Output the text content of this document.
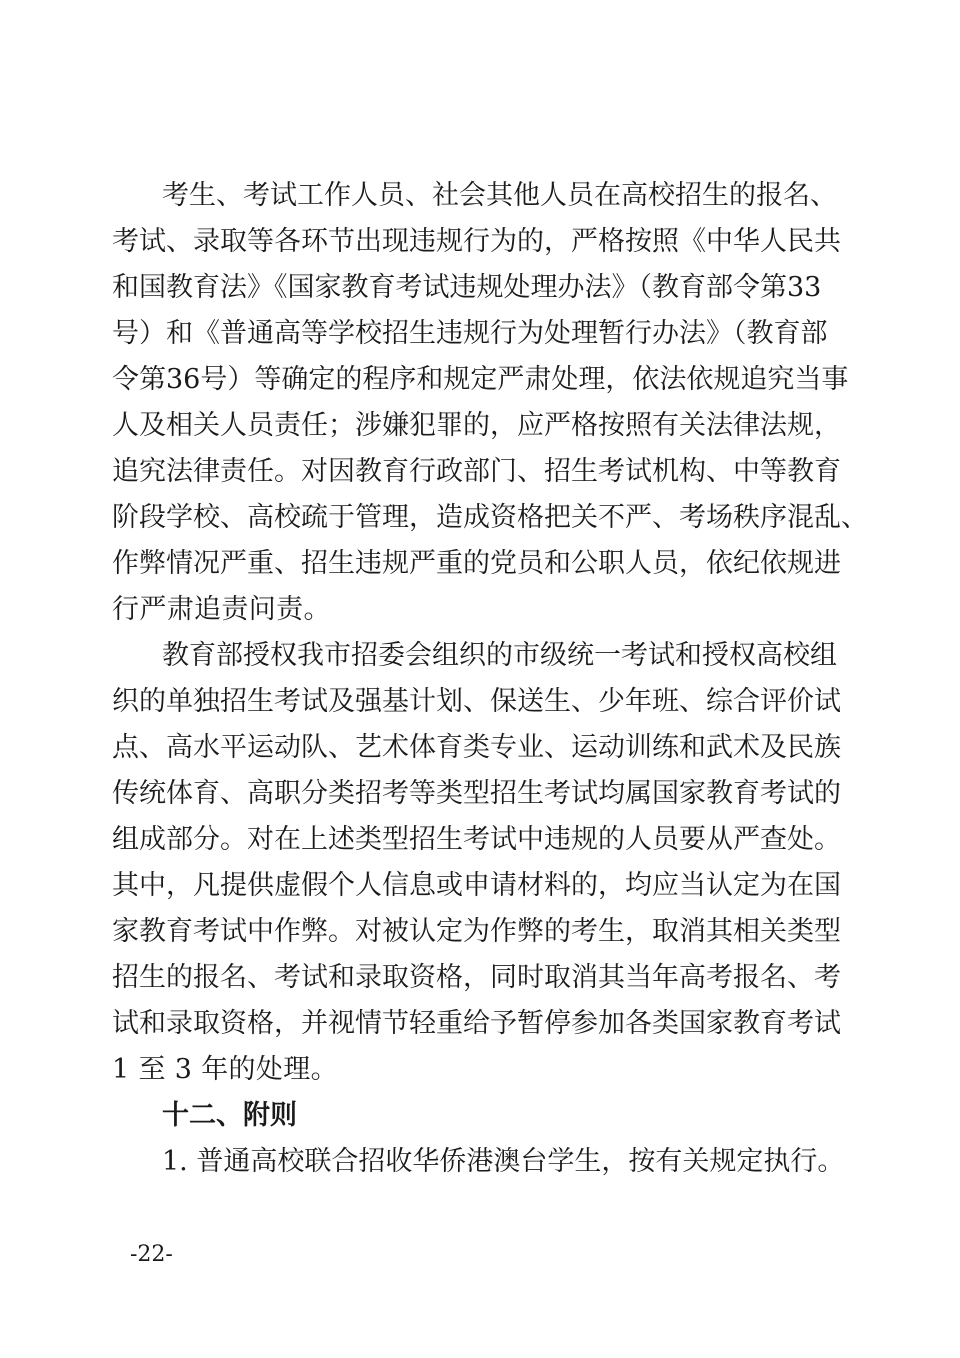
考生、考试工作人员、社会其他人员在高校招生的报名、
考试、录取等各环节出现违规行为的，严格按照《中华人民共
和国教育法》《国家教育考试违规处理办法》（教育部令第33
号）和《普通高等学校招生违规行为处理暂行办法》（教育部
令第36号）等确定的程序和规定严肃处理，依法依规追究当事
人及相关人员责任；涉嫌犯罪的，应严格按照有关法律法规，
追究法律责任。对因教育行政部门、招生考试机构、中等教育
阶段学校、高校疏于管理，造成资格把关不严、考场秩序混乱、
作弊情况严重、招生违规严重的党员和公职人员，依纪依规进
行严肃追责问责。
教育部授权我市招委会组织的市级统一考试和授权高校组
织的单独招生考试及强基计划、保送生、少年班、综合评价试
点、高水平运动队、艺术体育类专业、运动训练和武术及民族
传统体育、高职分类招考等类型招生考试均属国家教育考试的
组成部分。对在上述类型招生考试中违规的人员要从严查处。
其中，凡提供虚假个人信息或申请材料的，均应当认定为在国
家教育考试中作弊。对被认定为作弊的考生，取消其相关类型
招生的报名、考试和录取资格，同时取消其当年高考报名、考
试和录取资格，并视情节轻重给予暂停参加各类国家教育考试
1 至 3 年的处理。
十二、附则
1. 普通高校联合招收华侨港澳台学生，按有关规定执行。
-22-
